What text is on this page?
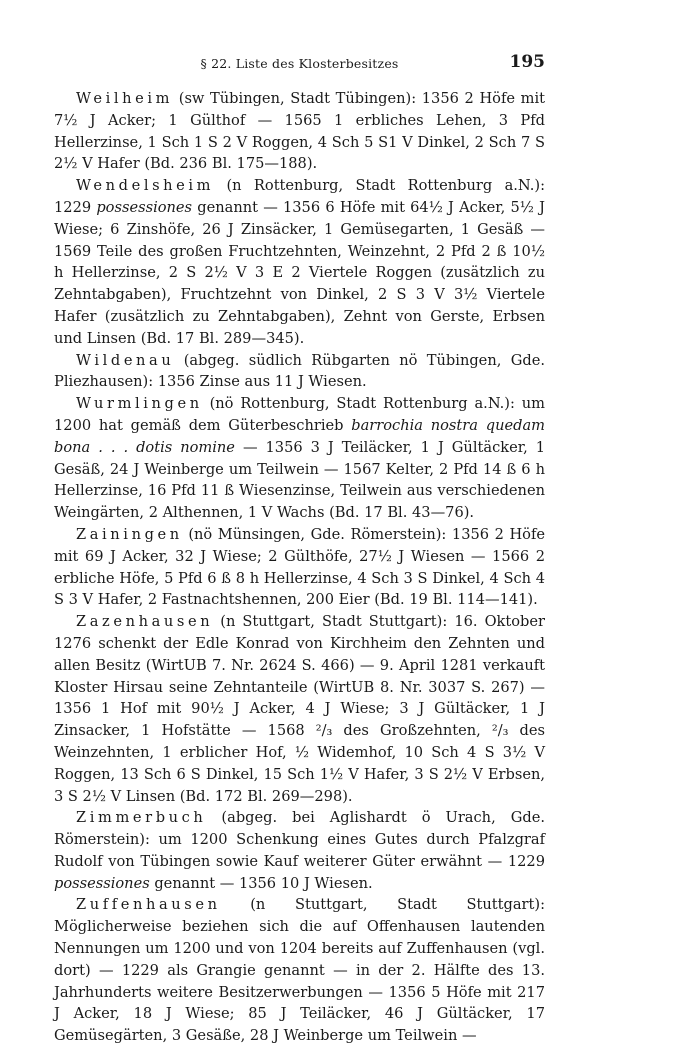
§ 22. Liste des Klosterbesitzes	195

Weilheim (sw Tübingen, Stadt Tübingen): 1356 2 Höfe mit 7½ J Acker; 1 Gülthof — 1565 1 erbliches Lehen, 3 Pfd Hellerzinse, 1 Sch 1 S 2 V Roggen, 4 Sch 5 S1 V Dinkel, 2 Sch 7 S 2½ V Hafer (Bd. 236 Bl. 175—188).

Wendelsheim (n Rottenburg, Stadt Rottenburg a.N.): 1229 possessiones genannt — 1356 6 Höfe mit 64½ J Acker, 5½ J Wiese; 6 Zinshöfe, 26 J Zinsäcker, 1 Gemüsegarten, 1 Gesäß — 1569 Teile des großen Fruchtzehnten, Weinzehnt, 2 Pfd 2 ß 10½ h Hellerzinse, 2 S 2½ V 3 E 2 Viertele Roggen (zusätzlich zu Zehntabgaben), Fruchtzehnt von Dinkel, 2 S 3 V 3½ Viertele Hafer (zusätzlich zu Zehntabgaben), Zehnt von Gerste, Erbsen und Linsen (Bd. 17 Bl. 289—345).

Wildenau (abgeg. südlich Rübgarten nö Tübingen, Gde. Pliezhausen): 1356 Zinse aus 11 J Wiesen.

Wurmlingen (nö Rottenburg, Stadt Rottenburg a.N.): um 1200 hat gemäß dem Güterbeschrieb barrochia nostra quedam bona . . . dotis nomine — 1356 3 J Teiläcker, 1 J Gültäcker, 1 Gesäß, 24 J Weinberge um Teilwein — 1567 Kelter, 2 Pfd 14 ß 6 h Hellerzinse, 16 Pfd 11 ß Wiesenzinse, Teilwein aus verschiedenen Weingärten, 2 Althennen, 1 V Wachs (Bd. 17 Bl. 43—76).

Zainingen (nö Münsingen, Gde. Römerstein): 1356 2 Höfe mit 69 J Acker, 32 J Wiese; 2 Gülthöfe, 27½ J Wiesen — 1566 2 erbliche Höfe, 5 Pfd 6 ß 8 h Hellerzinse, 4 Sch 3 S Dinkel, 4 Sch 4 S 3 V Hafer, 2 Fastnachtshennen, 200 Eier (Bd. 19 Bl. 114—141).

Zazenhausen (n Stuttgart, Stadt Stuttgart): 16. Oktober 1276 schenkt der Edle Konrad von Kirchheim den Zehnten und allen Besitz (WirtUB 7. Nr. 2624 S. 466) — 9. April 1281 verkauft Kloster Hirsau seine Zehntanteile (WirtUB 8. Nr. 3037 S. 267) — 1356 1 Hof mit 90½ J Acker, 4 J Wiese; 3 J Gültäcker, 1 J Zinsacker, 1 Hofstätte — 1568 ²/₃ des Großzehnten, ²/₃ des Weinzehnten, 1 erblicher Hof, ½ Widemhof, 10 Sch 4 S 3½ V Roggen, 13 Sch 6 S Dinkel, 15 Sch 1½ V Hafer, 3 S 2½ V Erbsen, 3 S 2½ V Linsen (Bd. 172 Bl. 269—298).

Zimmerbuch (abgeg. bei Aglishardt ö Urach, Gde. Römerstein): um 1200 Schenkung eines Gutes durch Pfalzgraf Rudolf von Tübingen sowie Kauf weiterer Güter erwähnt — 1229 possessiones genannt — 1356 10 J Wiesen.

Zuffenhausen (n Stuttgart, Stadt Stuttgart): Möglicherweise beziehen sich die auf Offenhausen lautenden Nennungen um 1200 und von 1204 bereits auf Zuffenhausen (vgl. dort) — 1229 als Grangie genannt — in der 2. Hälfte des 13. Jahrhunderts weitere Besitzerwerbungen — 1356 5 Höfe mit 217 J Acker, 18 J Wiese; 85 J Teiläcker, 46 J Gültäcker, 17 Gemüsegärten, 3 Gesäße, 28 J Weinberge um Teilwein —
